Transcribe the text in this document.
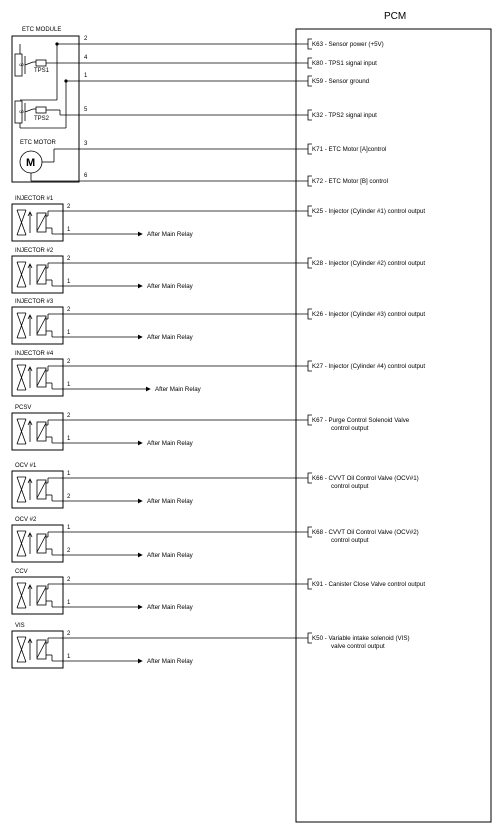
PCM
ETC MODULE
S
TPS1
S
TPS2
ETC MOTOR
M
2
K63 - Sensor power (+5V)
4
K80 - TPS1 signal input
1
K59 - Sensor ground
5
K32 - TPS2 signal input
3
K71 - ETC Motor [A]control
6
K72 - ETC Motor [B] control
INJECTOR #1
2
K25 - Injector (Cylinder #1) control output
1
After Main Relay
INJECTOR #2
2
K28 - Injector (Cylinder #2) control output
1
After Main Relay
INJECTOR #3
2
K26 - Injector (Cylinder #3) control output
1
After Main Relay
INJECTOR #4
2
K27 - Injector (Cylinder #4) control output
1
After Main Relay
PCSV
2
K67 - Purge Control Solenoid Valve
control output
1
After Main Relay
OCV #1
1
K66 - CVVT Oil Control Valve (OCV#1)
control output
2
After Main Relay
OCV #2
1
K68 - CVVT Oil Control Valve (OCV#2)
control output
2
After Main Relay
CCV
2
K91 - Canister Close Valve control output
1
After Main Relay
VIS
2
K50 - Variable intake solenoid (VIS)
valve control output
1
After Main Relay
